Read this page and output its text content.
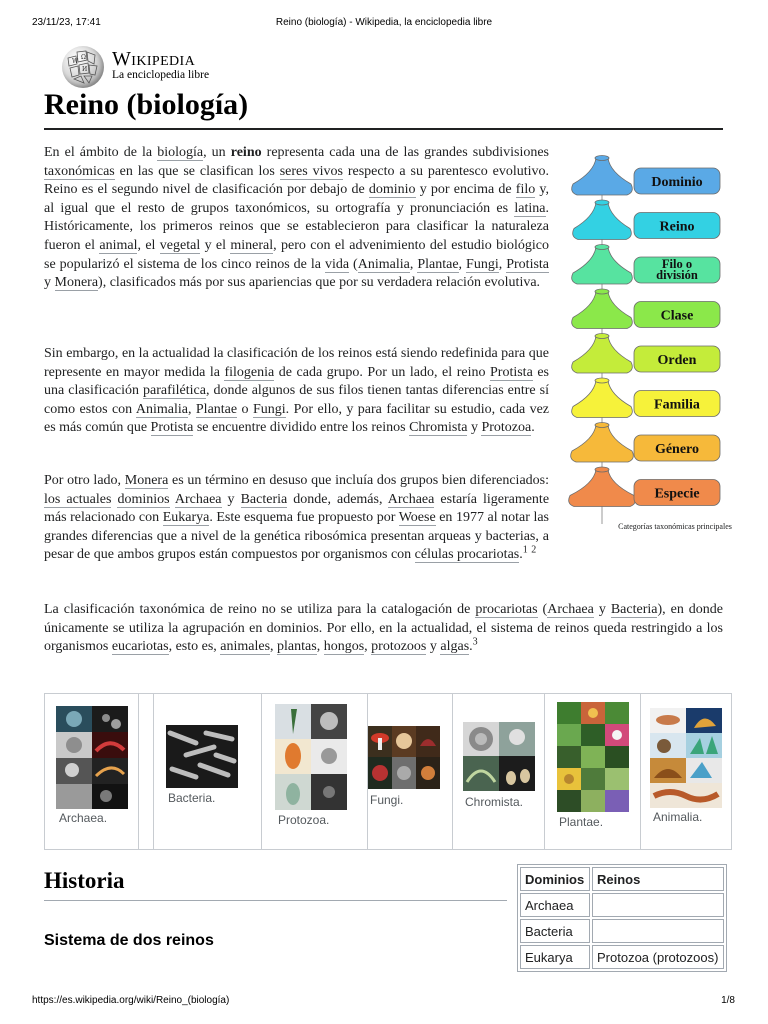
23/11/23, 17:41	Reino (biología) - Wikipedia, la enciclopedia libre
W
Ω
И Wikipedia
La enciclopedia libre
Reino (biología)

En el ámbito de la biología, un reino representa cada una de las grandes subdivisiones taxonómicas en las que se clasifican los seres vivos respecto a su parentesco evolutivo. Reino es el segundo nivel de clasificación por debajo de dominio y por encima de filo y, al igual que el resto de grupos taxonómicos, su ortografía y pronunciación es latina. Históricamente, los primeros reinos que se establecieron para clasificar la naturaleza fueron el animal, el vegetal y el mineral, pero con el advenimiento del estudio biológico se popularizó el sistema de los cinco reinos de la vida (Animalia, Plantae, Fungi, Protista y Monera), clasificados más por sus apariencias que por su verdadera relación evolutiva.

Sin embargo, en la actualidad la clasificación de los reinos está siendo redefinida para que represente en mayor medida la filogenia de cada grupo. Por un lado, el reino Protista es una clasificación parafilética, donde algunos de sus filos tienen tantas diferencias entre sí como estos con Animalia, Plantae o Fungi. Por ello, y para facilitar su estudio, cada vez es más común que Protista se encuentre dividido entre los reinos Chromista y Protozoa.

Por otro lado, Monera es un término en desuso que incluía dos grupos bien diferenciados: los actuales dominios Archaea y Bacteria donde, además, Archaea estaría ligeramente más relacionado con Eukarya. Este esquema fue propuesto por Woese en 1977 al notar las grandes diferencias que a nivel de la genética ribosómica presentan arqueas y bacterias, a pesar de que ambos grupos están compuestos por organismos con células procariotas.$^1$ $^2$

La clasificación taxonómica de reino no se utiliza para la catalogación de procariotas (Archaea y Bacteria), en donde únicamente se utiliza la agrupación en dominios. Por ello, en la actualidad, el sistema de reinos queda restringido a los organismos eucariotas, esto es, animales, plantas, hongos, protozoos y algas.$^3$

Dominio
Reino
Filo o
división
Clase
Orden
Familia
Género
Especie
Categorías taxonómicas principales
Archaea.
Bacteria.
Protozoa.
Fungi.	Chromista.
Plantae.	Animalia.
Historia
Sistema de dos reinos
Dominios	Reinos
Archaea	
Bacteria	
Eukarya	Protozoa (protozoos)
https://es.wikipedia.org/wiki/Reino_(biología)	1/8
